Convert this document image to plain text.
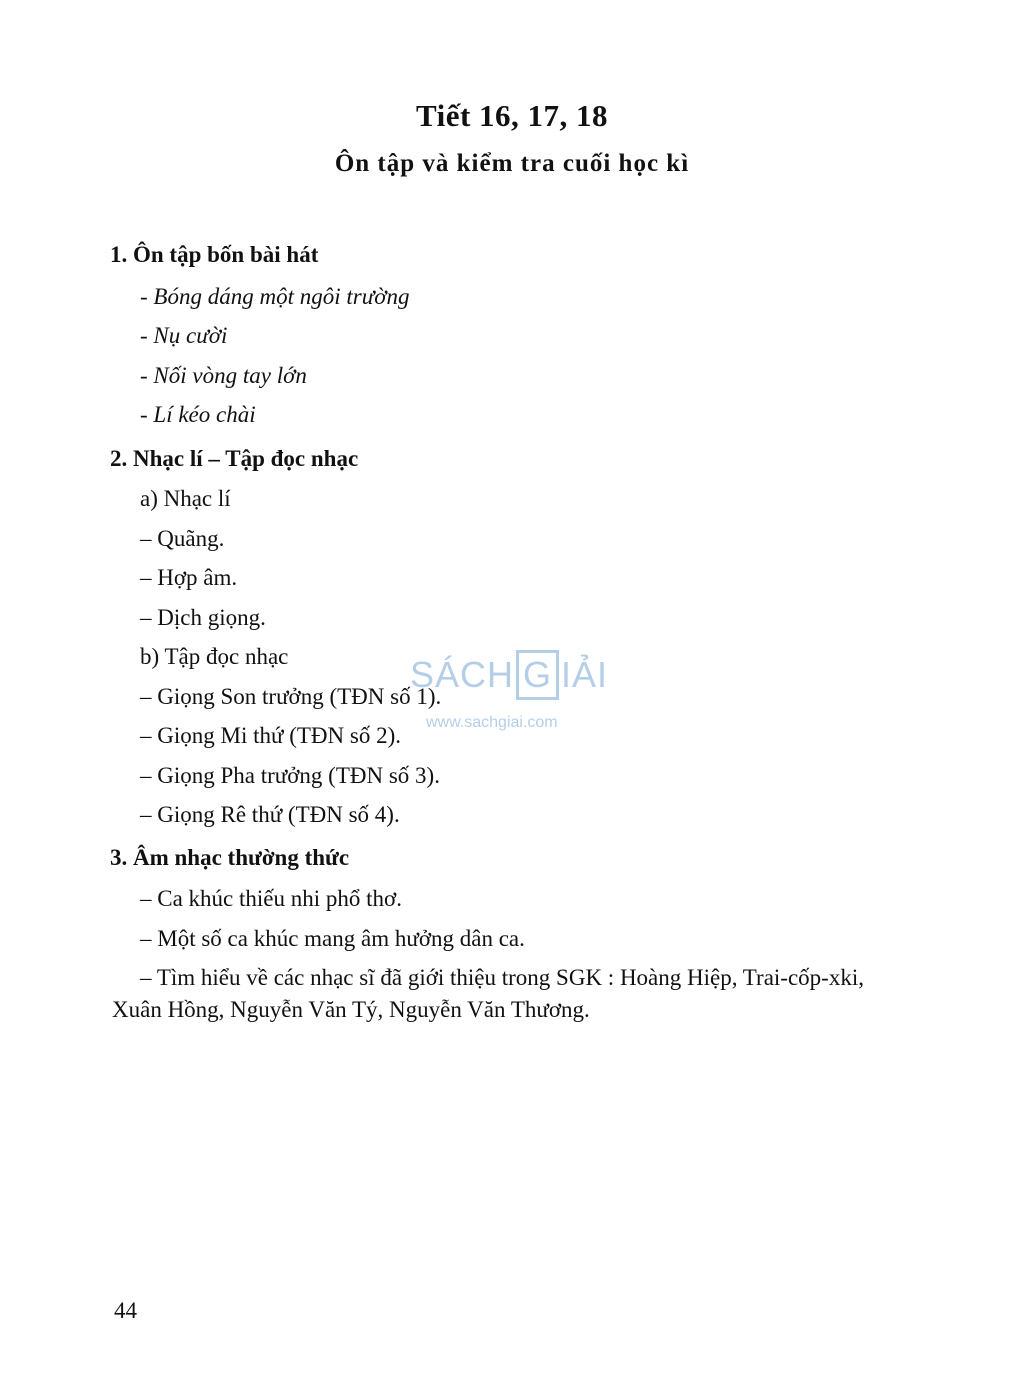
Tiết 16, 17, 18
Ôn tập và kiểm tra cuối học kì
1. Ôn tập bốn bài hát
- Bóng dáng một ngôi trường
- Nụ cười
- Nối vòng tay lớn
- Lí kéo chài
2. Nhạc lí – Tập đọc nhạc
a) Nhạc lí
– Quãng.
– Hợp âm.
– Dịch giọng.
b) Tập đọc nhạc
– Giọng Son trưởng (TĐN số 1).
– Giọng Mi thứ (TĐN số 2).
– Giọng Pha trưởng (TĐN số 3).
– Giọng Rê thứ (TĐN số 4).
3. Âm nhạc thường thức
– Ca khúc thiếu nhi phổ thơ.
– Một số ca khúc mang âm hưởng dân ca.
– Tìm hiểu về các nhạc sĩ đã giới thiệu trong SGK : Hoàng Hiệp, Trai-cốp-xki,
Xuân Hồng, Nguyễn Văn Tý, Nguyễn Văn Thương.
SÁCH G IẢI
www.sachgiai.com
44
